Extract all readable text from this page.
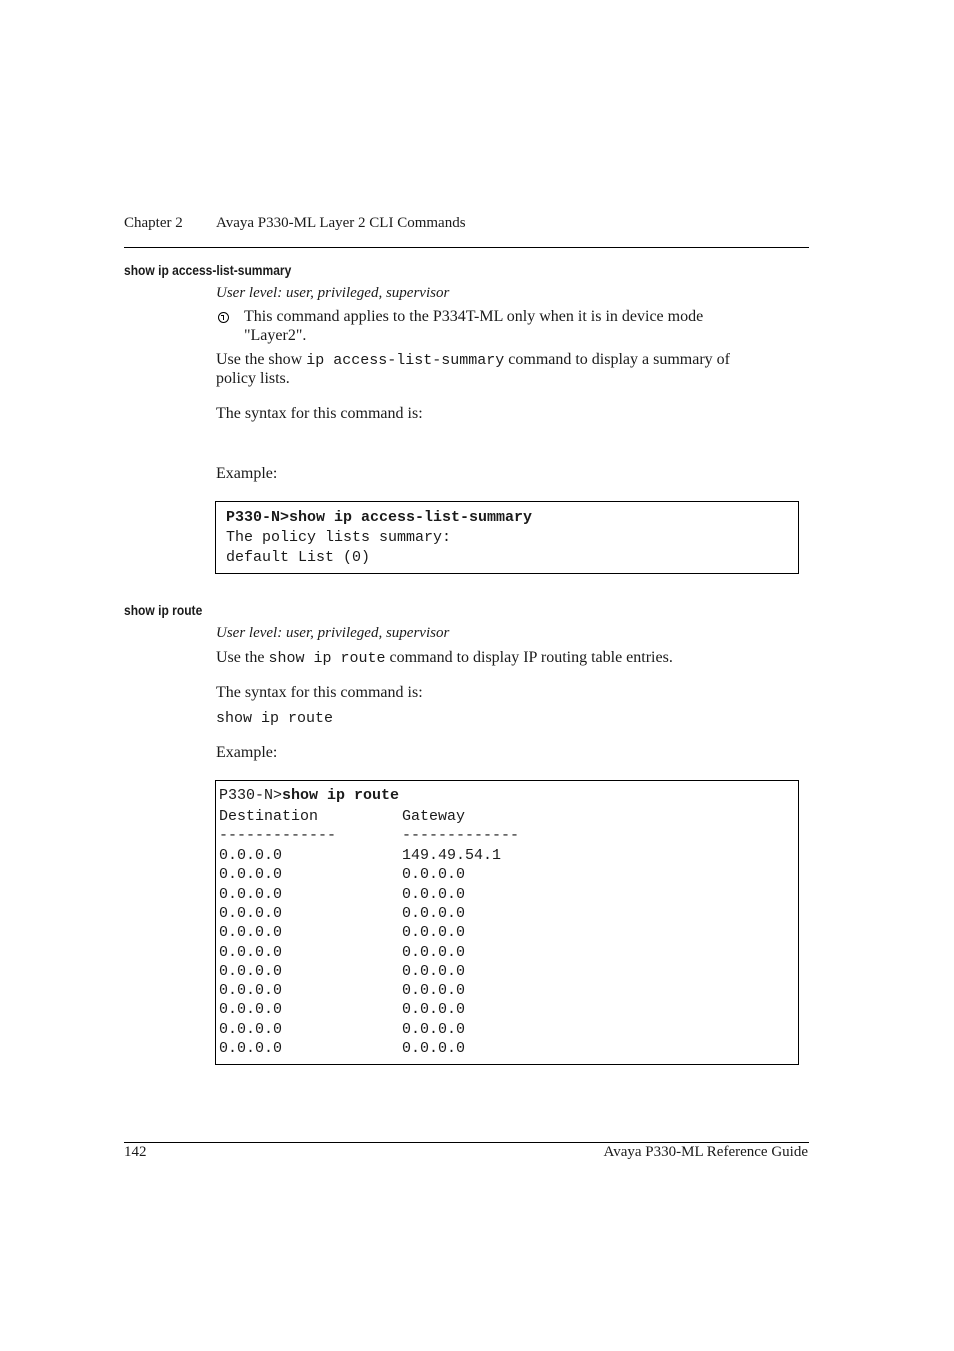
Chapter 2 Avaya P330-ML Layer 2 CLI Commands
show ip access-list-summary
User level: user, privileged, supervisor
This command applies to the P334T-ML only when it is in device mode
"Layer2".
Use the show ip access-list-summary command to display a summary of
policy lists.
The syntax for this command is:
Example:
P330-N>show ip access-list-summary
The policy lists summary:
default List (0)
show ip route
User level: user, privileged, supervisor
Use the show ip route command to display IP routing table entries.
The syntax for this command is:
show ip route
Example:
P330-N>show ip route
Destination	Gateway
-------------	-------------
0.0.0.0	149.49.54.1
0.0.0.0	0.0.0.0
0.0.0.0	0.0.0.0
0.0.0.0	0.0.0.0
0.0.0.0	0.0.0.0
0.0.0.0	0.0.0.0
0.0.0.0	0.0.0.0
0.0.0.0	0.0.0.0
0.0.0.0	0.0.0.0
0.0.0.0	0.0.0.0
0.0.0.0	0.0.0.0
142	Avaya P330-ML Reference Guide
